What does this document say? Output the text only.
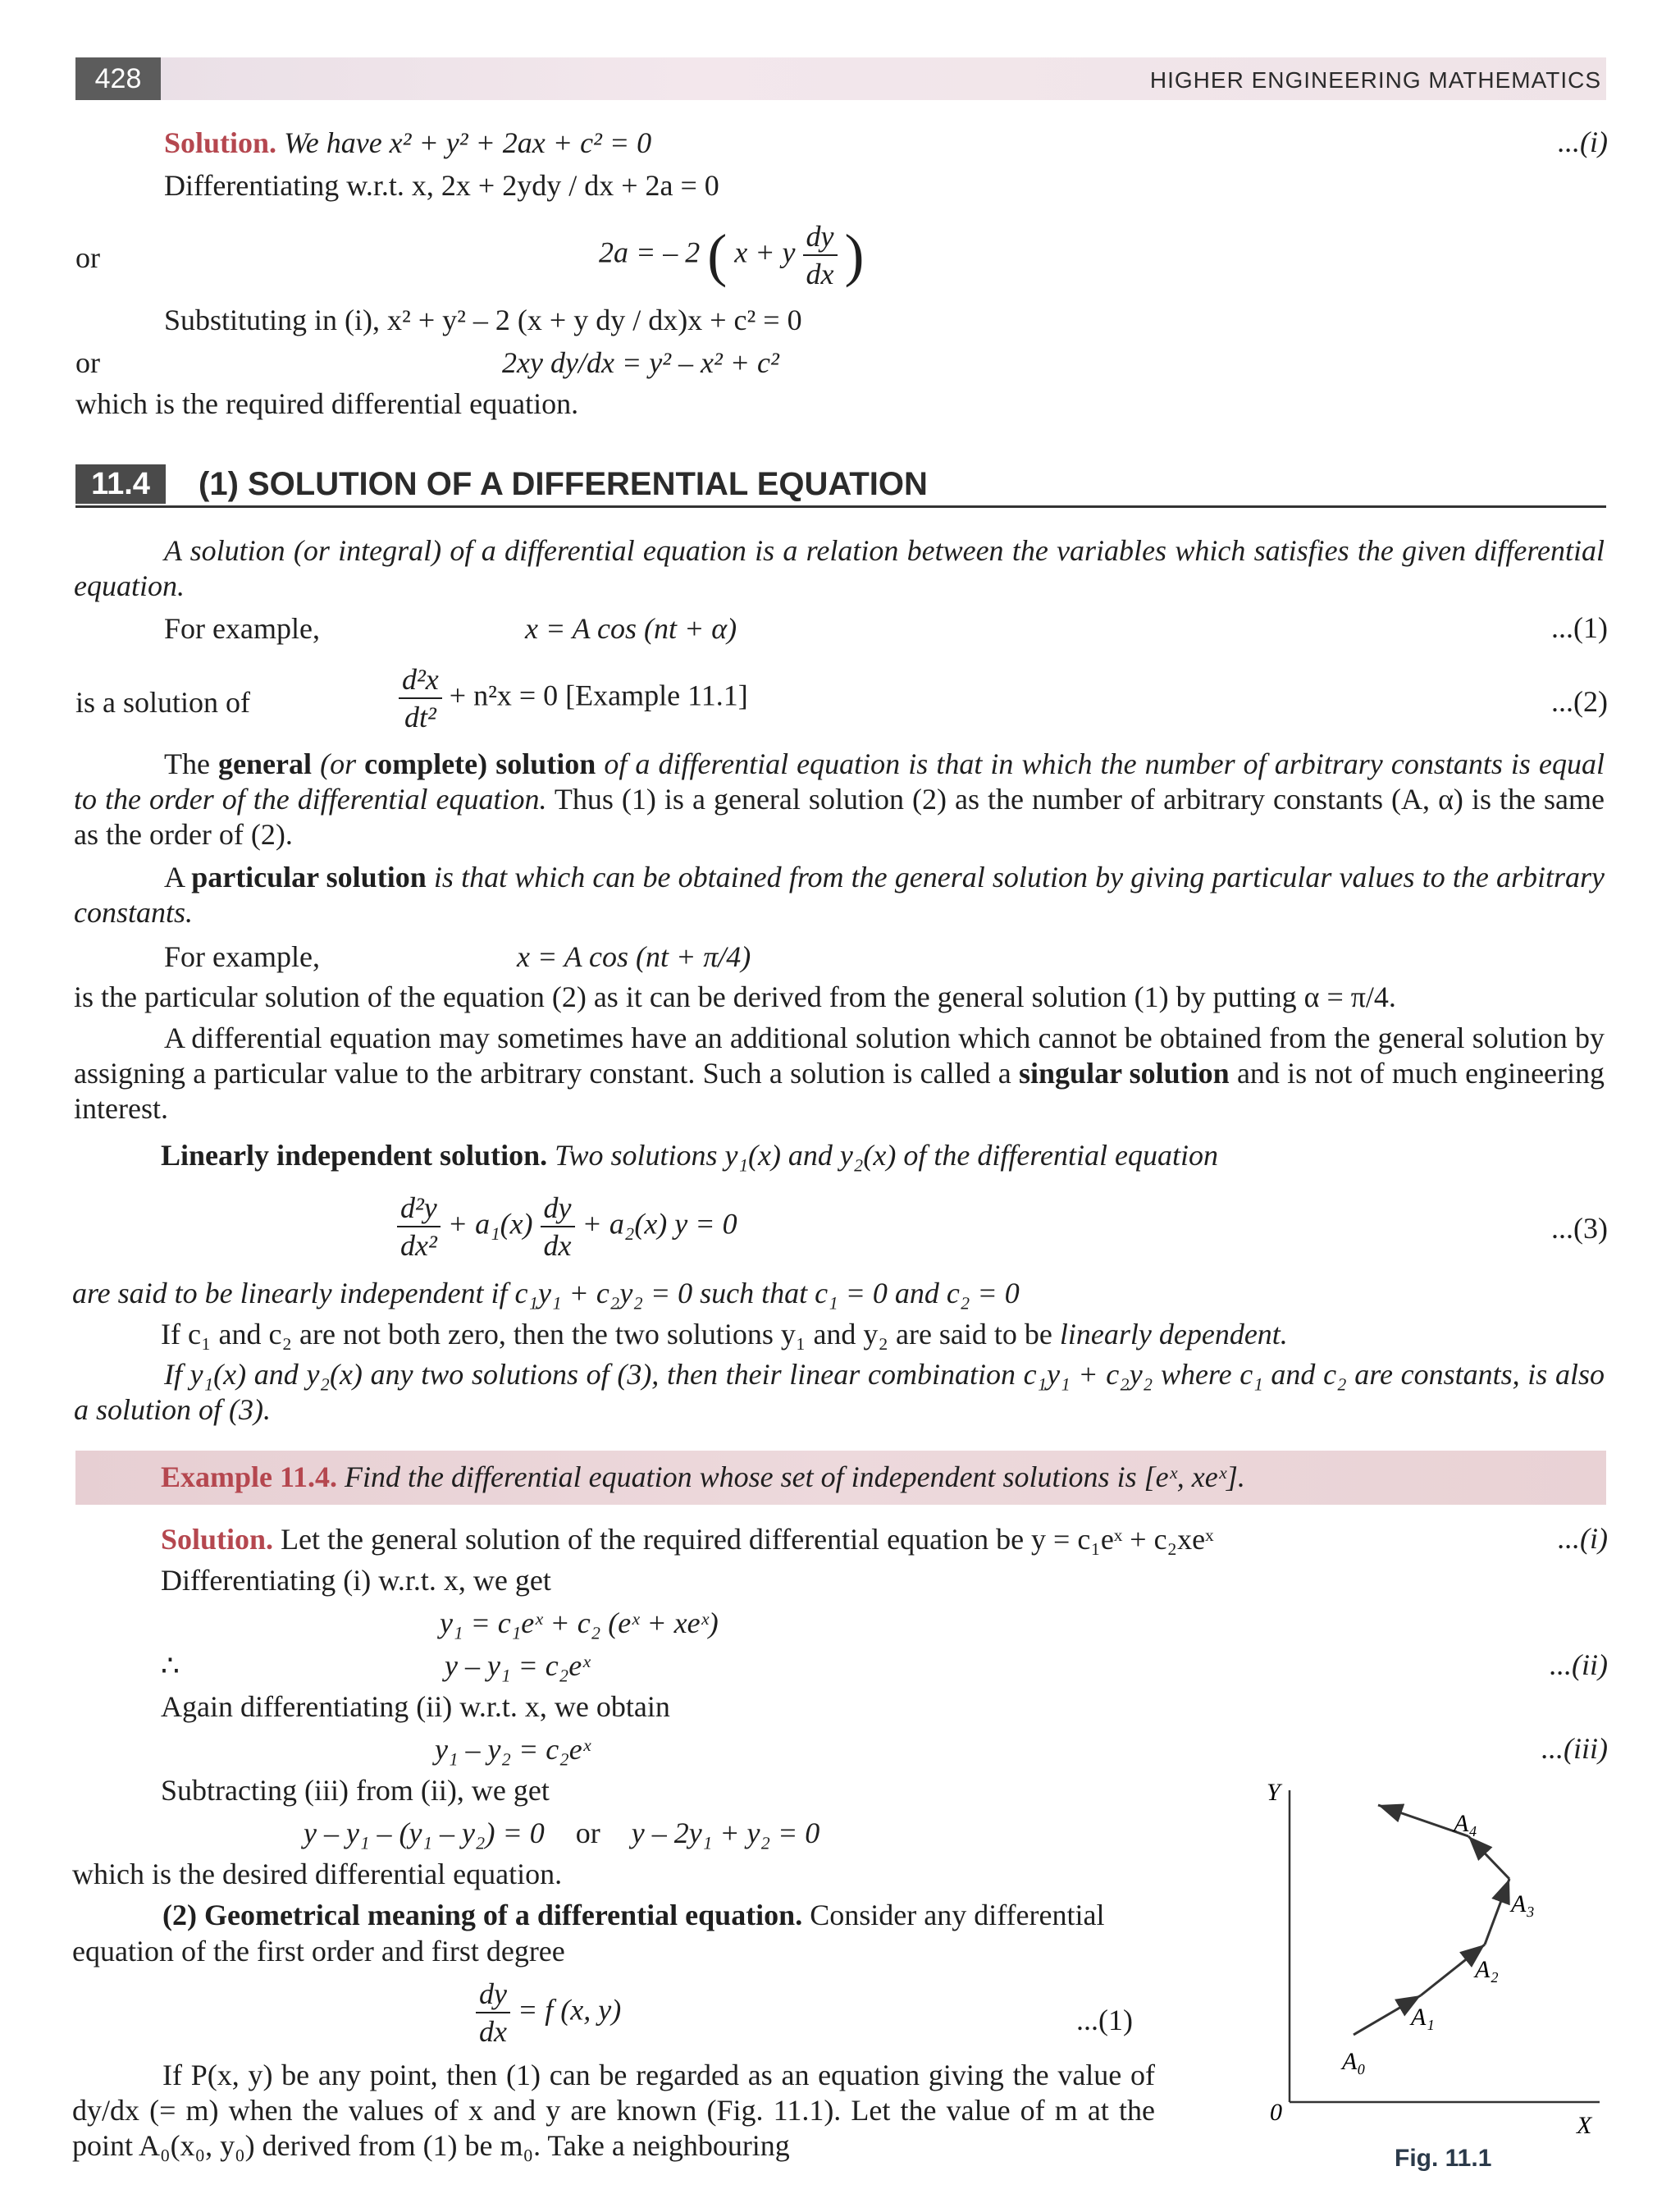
428	HIGHER ENGINEERING MATHEMATICS
Solution. We have x² + y² + 2ax + c² = 0	...(i)
Differentiating w.r.t. x, 2x + 2ydy / dx + 2a = 0
or	2a = – 2 ( x + y $\frac{dy}{dx}$ )
Substituting in (i), x² + y² – 2 (x + y dy / dx)x + c² = 0
or	2xy dy/dx = y² – x² + c²
which is the required differential equation.
11.4	(1) SOLUTION OF A DIFFERENTIAL EQUATION
A solution (or integral) of a differential equation is a relation between the variables which satisfies the given differential equation.
For example,	x = A cos (nt + α)	...(1)
is a solution of	$\frac{\text{d²x}}{\text{dt²}} + n^2x = 0$ [Example 11.1]	...(2)
The general (or complete) solution of a differential equation is that in which the number of arbitrary constants is equal to the order of the differential equation. Thus (1) is a general solution (2) as the number of arbitrary constants (A, α) is the same as the order of (2).
A particular solution is that which can be obtained from the general solution by giving particular values to the arbitrary constants.
For example,	x = A cos (nt + π/4)
is the particular solution of the equation (2) as it can be derived from the general solution (1) by putting α = π/4.
A differential equation may sometimes have an additional solution which cannot be obtained from the general solution by assigning a particular value to the arbitrary constant. Such a solution is called a singular solution and is not of much engineering interest.
Linearly independent solution. Two solutions y₁(x) and y₂(x) of the differential equation
$\frac{\text{d²y}}{\text{dx²}} + a_1(x) \frac{dy}{dx} + a_2(x) y = 0$	...(3)
are said to be linearly independent if c₁y₁ + c₂y₂ = 0 such that c₁ = 0 and c₂ = 0
If c₁ and c₂ are not both zero, then the two solutions y₁ and y₂ are said to be linearly dependent.
If y₁(x) and y₂(x) any two solutions of (3), then their linear combination c₁y₁ + c₂y₂ where c₁ and c₂ are constants, is also a solution of (3).
Example 11.4. Find the differential equation whose set of independent solutions is [eˣ, xeˣ].
Solution. Let the general solution of the required differential equation be y = c₁eˣ + c₂xeˣ	...(i)
Differentiating (i) w.r.t. x, we get
y₁ = c₁eˣ + c₂ (eˣ + xeˣ)
∴	y – y₁ = c₂eˣ	...(ii)
Again differentiating (ii) w.r.t. x, we obtain
y₁ – y₂ = c₂eˣ	...(iii)
Subtracting (iii) from (ii), we get
y – y₁ – (y₁ – y₂) = 0 or y – 2y₁ + y₂ = 0
which is the desired differential equation.
(2) Geometrical meaning of a differential equation. Consider any differential equation of the first order and first degree
$\frac{dy}{dx} = f$ (x, y)	...(1)
If P(x, y) be any point, then (1) can be regarded as an equation giving the value of dy/dx (= m) when the values of x and y are known (Fig. 11.1). Let the value of m at the point A₀(x₀, y₀) derived from (1) be m₀. Take a neighbouring
Y
X
0
A₀
A₁
A₂
A₃
A₄
Fig. 11.1
